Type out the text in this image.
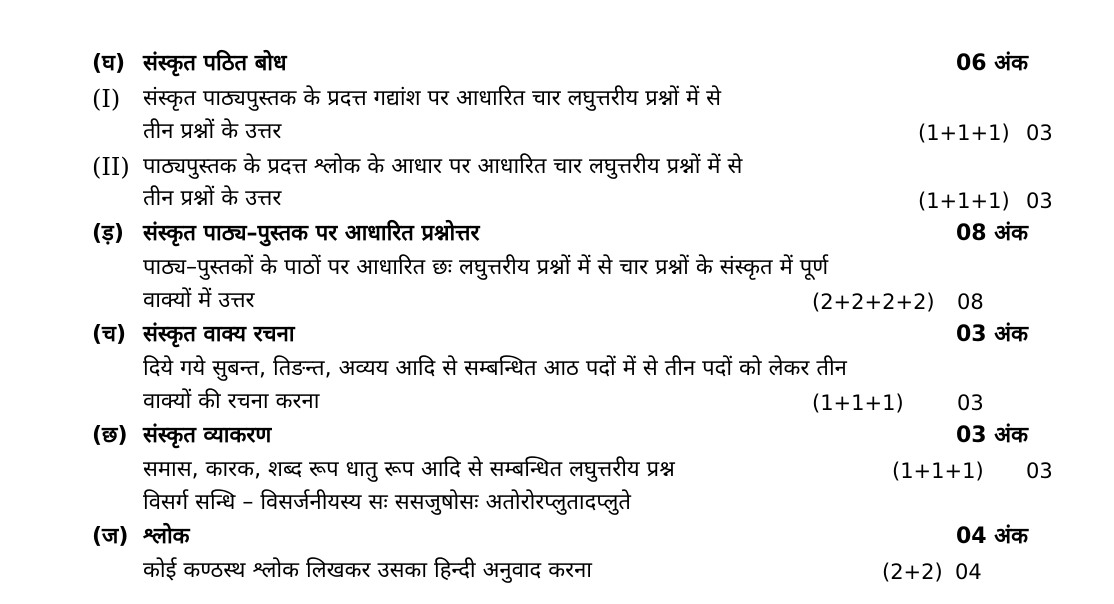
(घ) संस्कृत पठित बोध	06 अंक
(I) संस्कृत पाठ्यपुस्तक के प्रदत्त गद्यांश पर आधारित चार लघुत्तरीय प्रश्नों में से
तीन प्रश्नों के उत्तर	(1+1+1) 03
(II) पाठ्यपुस्तक के प्रदत्त श्लोक के आधार पर आधारित चार लघुत्तरीय प्रश्नों में से
तीन प्रश्नों के उत्तर	(1+1+1) 03
(ड़) संस्कृत पाठ्य–पुस्तक पर आधारित प्रश्नोत्तर	08 अंक
पाठ्य–पुस्तकों के पाठों पर आधारित छः लघुत्तरीय प्रश्नों में से चार प्रश्नों के संस्कृत में पूर्ण
वाक्यों में उत्तर	(2+2+2+2) 08
(च) संस्कृत वाक्य रचना	03 अंक
दिये गये सुबन्त, तिङन्त, अव्यय आदि से सम्बन्धित आठ पदों में से तीन पदों को लेकर तीन
वाक्यों की रचना करना	(1+1+1)	03
(छ) संस्कृत व्याकरण	03 अंक
समास, कारक, शब्द रूप धातु रूप आदि से सम्बन्धित लघुत्तरीय प्रश्न	(1+1+1) 03
विसर्ग सन्धि – विसर्जनीयस्य सः ससजुषोसः अतोरोरप्लुतादप्लुते
(ज) श्लोक	04 अंक
कोई कण्ठस्थ श्लोक लिखकर उसका हिन्दी अनुवाद करना	(2+2) 04
